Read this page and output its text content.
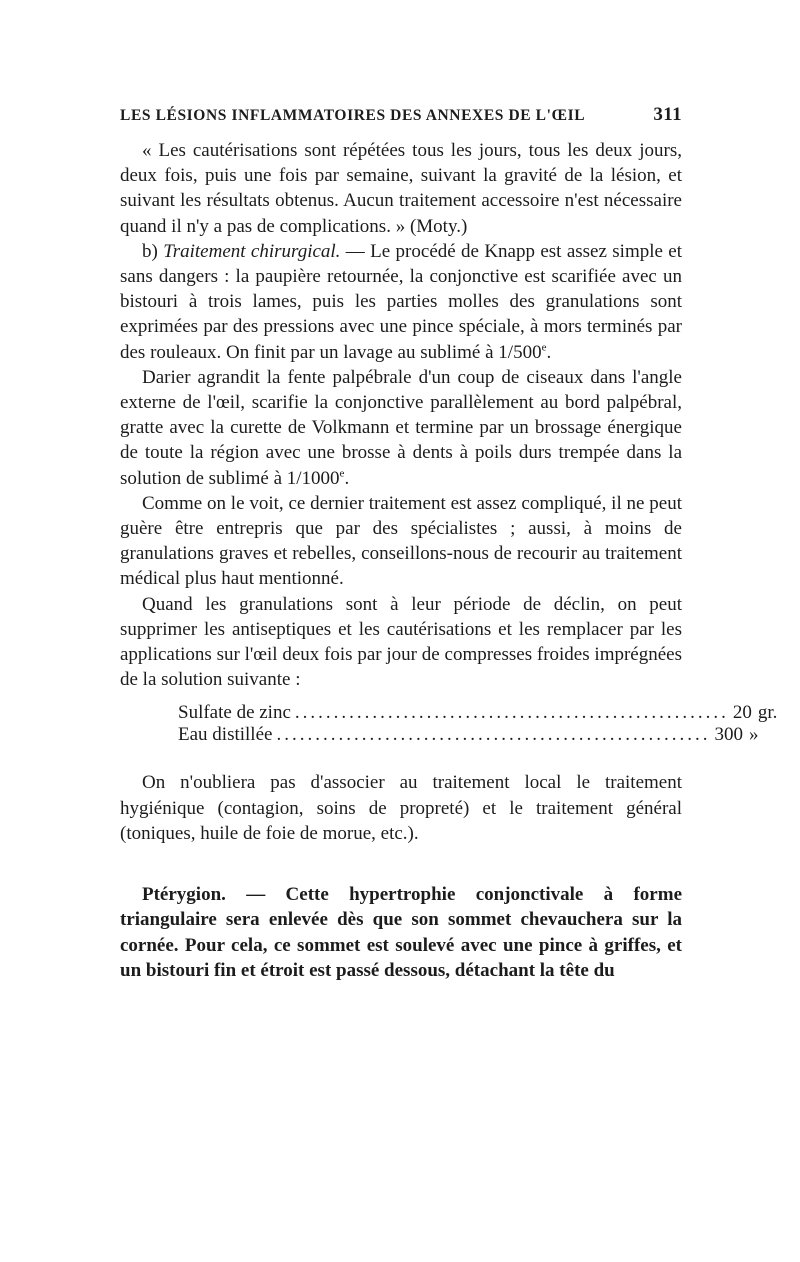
LES LÉSIONS INFLAMMATOIRES DES ANNEXES DE L'ŒIL	311

« Les cautérisations sont répétées tous les jours, tous les deux jours, deux fois, puis une fois par semaine, suivant la gravité de la lésion, et suivant les résultats obtenus. Aucun traitement accessoire n'est nécessaire quand il n'y a pas de complications. » (Moty.)

b) Traitement chirurgical. — Le procédé de Knapp est assez simple et sans dangers : la paupière retournée, la conjonctive est scarifiée avec un bistouri à trois lames, puis les parties molles des granulations sont exprimées par des pressions avec une pince spéciale, à mors terminés par des rouleaux. On finit par un lavage au sublimé à 1/500e.

Darier agrandit la fente palpébrale d'un coup de ciseaux dans l'angle externe de l'œil, scarifie la conjonctive parallèlement au bord palpébral, gratte avec la curette de Volkmann et termine par un brossage énergique de toute la région avec une brosse à dents à poils durs trempée dans la solution de sublimé à 1/1000e.

Comme on le voit, ce dernier traitement est assez compliqué, il ne peut guère être entrepris que par des spécialistes ; aussi, à moins de granulations graves et rebelles, conseillons-nous de recourir au traitement médical plus haut mentionné.

Quand les granulations sont à leur période de déclin, on peut supprimer les antiseptiques et les cautérisations et les remplacer par les applications sur l'œil deux fois par jour de compresses froides imprégnées de la solution suivante :

Sulfate de zinc ........................................................ 20 gr.
Eau distillée ........................................................ 300 »

On n'oubliera pas d'associer au traitement local le traitement hygiénique (contagion, soins de propreté) et le traitement général (toniques, huile de foie de morue, etc.).

Ptérygion. — Cette hypertrophie conjonctivale à forme triangulaire sera enlevée dès que son sommet chevauchera sur la cornée. Pour cela, ce sommet est soulevé avec une pince à griffes, et un bistouri fin et étroit est passé dessous, détachant la tête du
